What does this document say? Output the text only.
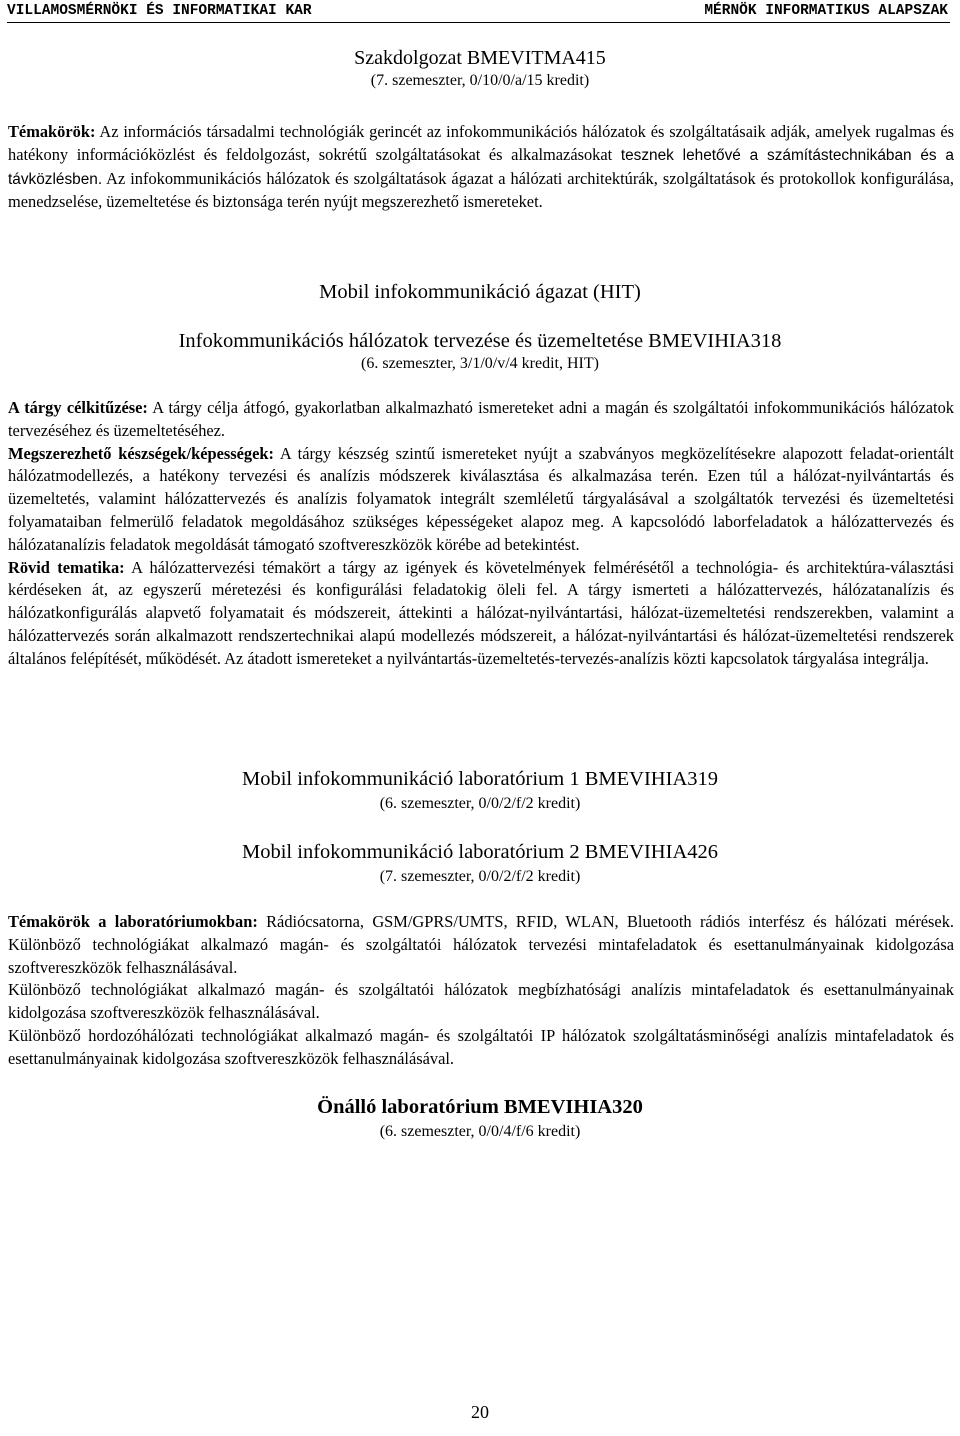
VILLAMOSMÉRNÖKI ÉS INFORMATIKAI KAR	MÉRNÖK INFORMATIKUS ALAPSZAK
Szakdolgozat BMEVITMA415
(7. szemeszter, 0/10/0/a/15 kredit)

Témakörök: Az információs társadalmi technológiák gerincét az infokommunikációs hálózatok és szolgáltatásaik adják, amelyek rugalmas és hatékony információközlést és feldolgozást, sokrétű szolgáltatásokat és alkalmazásokat tesznek lehetővé a számítástechnikában és a távközlésben. Az infokommunikációs hálózatok és szolgáltatások ágazat a hálózati architektúrák, szolgáltatások és protokollok konfigurálása, menedzselése, üzemeltetése és biztonsága terén nyújt megszerezhető ismereteket.

Mobil infokommunikáció ágazat (HIT)
Infokommunikációs hálózatok tervezése és üzemeltetése BMEVIHIA318
(6. szemeszter, 3/1/0/v/4 kredit, HIT)

A tárgy célkitűzése: A tárgy célja átfogó, gyakorlatban alkalmazható ismereteket adni a magán és szolgáltatói infokommunikációs hálózatok tervezéséhez és üzemeltetéséhez.

Megszerezhető készségek/képességek: A tárgy készség szintű ismereteket nyújt a szabványos megközelítésekre alapozott feladat-orientált hálózatmodellezés, a hatékony tervezési és analízis módszerek kiválasztása és alkalmazása terén. Ezen túl a hálózat-nyilvántartás és üzemeltetés, valamint hálózattervezés és analízis folyamatok integrált szemléletű tárgyalásával a szolgáltatók tervezési és üzemeltetési folyamataiban felmerülő feladatok megoldásához szükséges képességeket alapoz meg. A kapcsolódó laborfeladatok a hálózattervezés és hálózatanalízis feladatok megoldását támogató szoftvereszközök körébe ad betekintést.

Rövid tematika: A hálózattervezési témakört a tárgy az igények és követelmények felmérésétől a technológia- és architektúra-választási kérdéseken át, az egyszerű méretezési és konfigurálási feladatokig öleli fel. A tárgy ismerteti a hálózattervezés, hálózatanalízis és hálózatkonfigurálás alapvető folyamatait és módszereit, áttekinti a hálózat-nyilvántartási, hálózat-üzemeltetési rendszerekben, valamint a hálózattervezés során alkalmazott rendszertechnikai alapú modellezés módszereit, a hálózat-nyilvántartási és hálózat-üzemeltetési rendszerek általános felépítését, működését. Az átadott ismereteket a nyilvántartás-üzemeltetés-tervezés-analízis közti kapcsolatok tárgyalása integrálja.

Mobil infokommunikáció laboratórium 1 BMEVIHIA319
(6. szemeszter, 0/0/2/f/2 kredit)
Mobil infokommunikáció laboratórium 2 BMEVIHIA426
(7. szemeszter, 0/0/2/f/2 kredit)

Témakörök a laboratóriumokban: Rádiócsatorna, GSM/GPRS/UMTS, RFID, WLAN, Bluetooth rádiós interfész és hálózati mérések. Különböző technológiákat alkalmazó magán- és szolgáltatói hálózatok tervezési mintafeladatok és esettanulmányainak kidolgozása szoftvereszközök felhasználásával.

Különböző technológiákat alkalmazó magán- és szolgáltatói hálózatok megbízhatósági analízis mintafeladatok és esettanulmányainak kidolgozása szoftvereszközök felhasználásával.

Különböző hordozóhálózati technológiákat alkalmazó magán- és szolgáltatói IP hálózatok szolgáltatásminőségi analízis mintafeladatok és esettanulmányainak kidolgozása szoftvereszközök felhasználásával.

Önálló laboratórium BMEVIHIA320
(6. szemeszter, 0/0/4/f/6 kredit)
20
